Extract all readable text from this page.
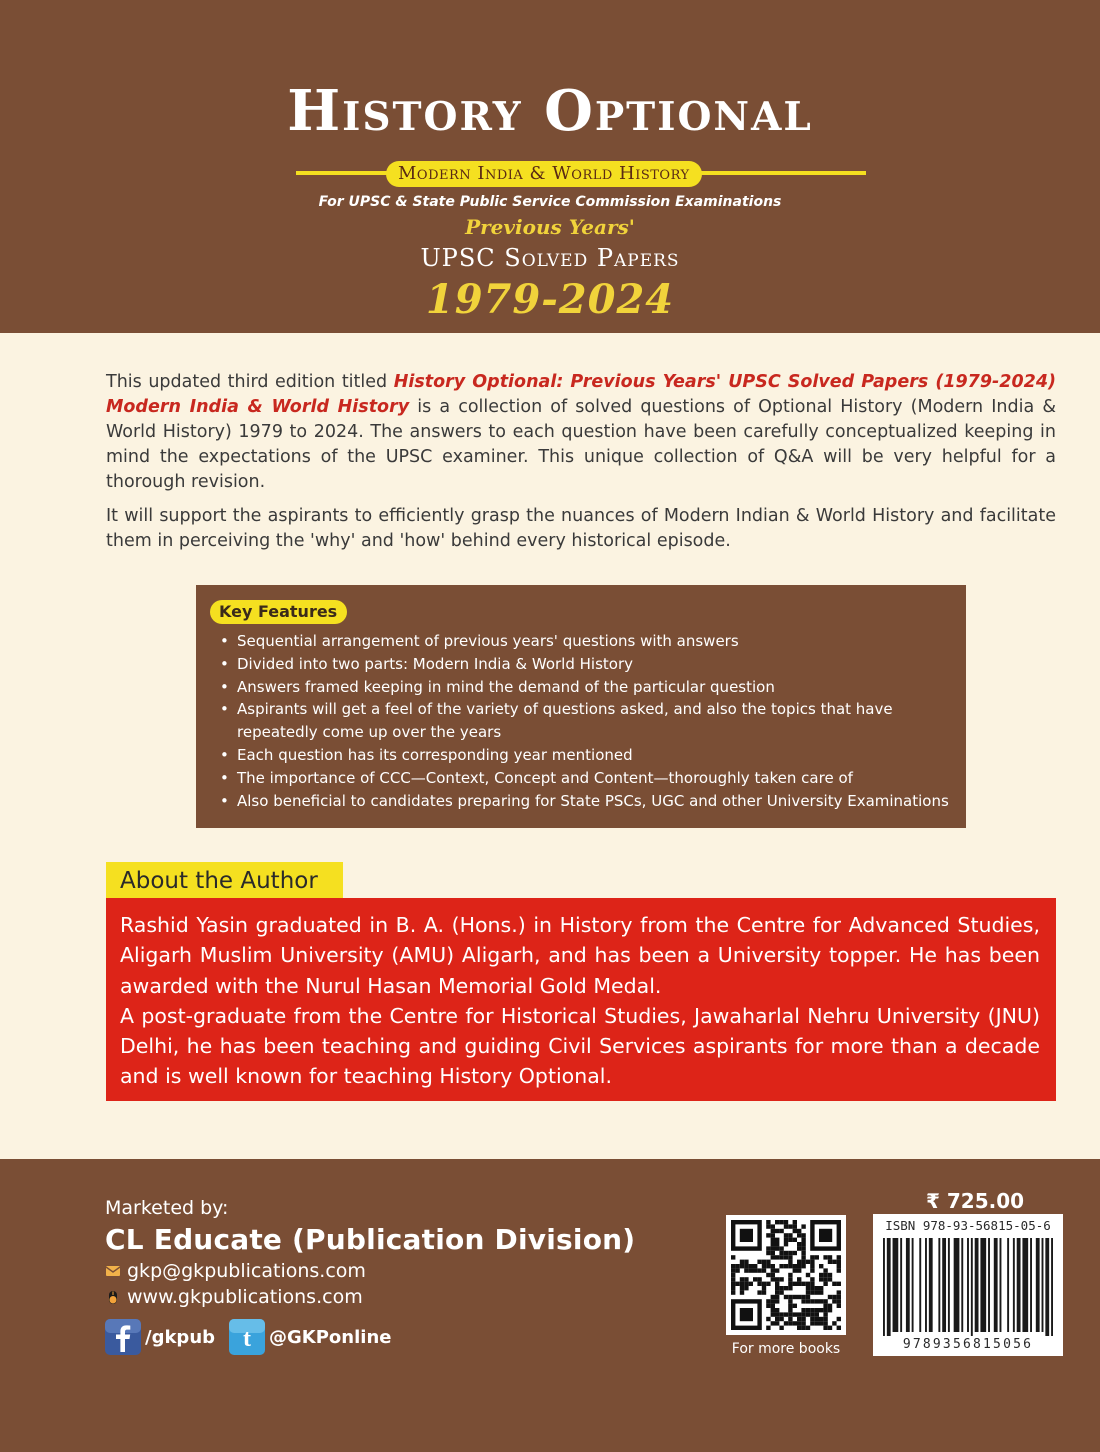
History Optional
Modern India & World History
For UPSC & State Public Service Commission Examinations
Previous Years'
UPSC Solved Papers
1979-2024

This updated third edition titled History Optional: Previous Years' UPSC Solved Papers (1979-2024) Modern India & World History is a collection of solved questions of Optional History (Modern India & World History) 1979 to 2024. The answers to each question have been carefully conceptualized keeping in mind the expectations of the UPSC examiner. This unique collection of Q&A will be very helpful for a thorough revision.

It will support the aspirants to efficiently grasp the nuances of Modern Indian & World History and facilitate them in perceiving the 'why' and 'how' behind every historical episode.

Key Features
• Sequential arrangement of previous years' questions with answers
• Divided into two parts: Modern India & World History
• Answers framed keeping in mind the demand of the particular question
• Aspirants will get a feel of the variety of questions asked, and also the topics that have repeatedly come up over the years
• Each question has its corresponding year mentioned
• The importance of CCC—Context, Concept and Content—thoroughly taken care of
• Also beneficial to candidates preparing for State PSCs, UGC and other University Examinations
About the Author

Rashid Yasin graduated in B. A. (Hons.) in History from the Centre for Advanced Studies, Aligarh Muslim University (AMU) Aligarh, and has been a University topper. He has been awarded with the Nurul Hasan Memorial Gold Medal.

A post-graduate from the Centre for Historical Studies, Jawaharlal Nehru University (JNU) Delhi, he has been teaching and guiding Civil Services aspirants for more than a decade and is well known for teaching History Optional.

Marketed by:
CL Educate (Publication Division)
gkp@gkpublications.com
www.gkpublications.com
/gkpub t @GKPonline
For more books
₹ 725.00
ISBN 978-93-56815-05-6
9789356815056
